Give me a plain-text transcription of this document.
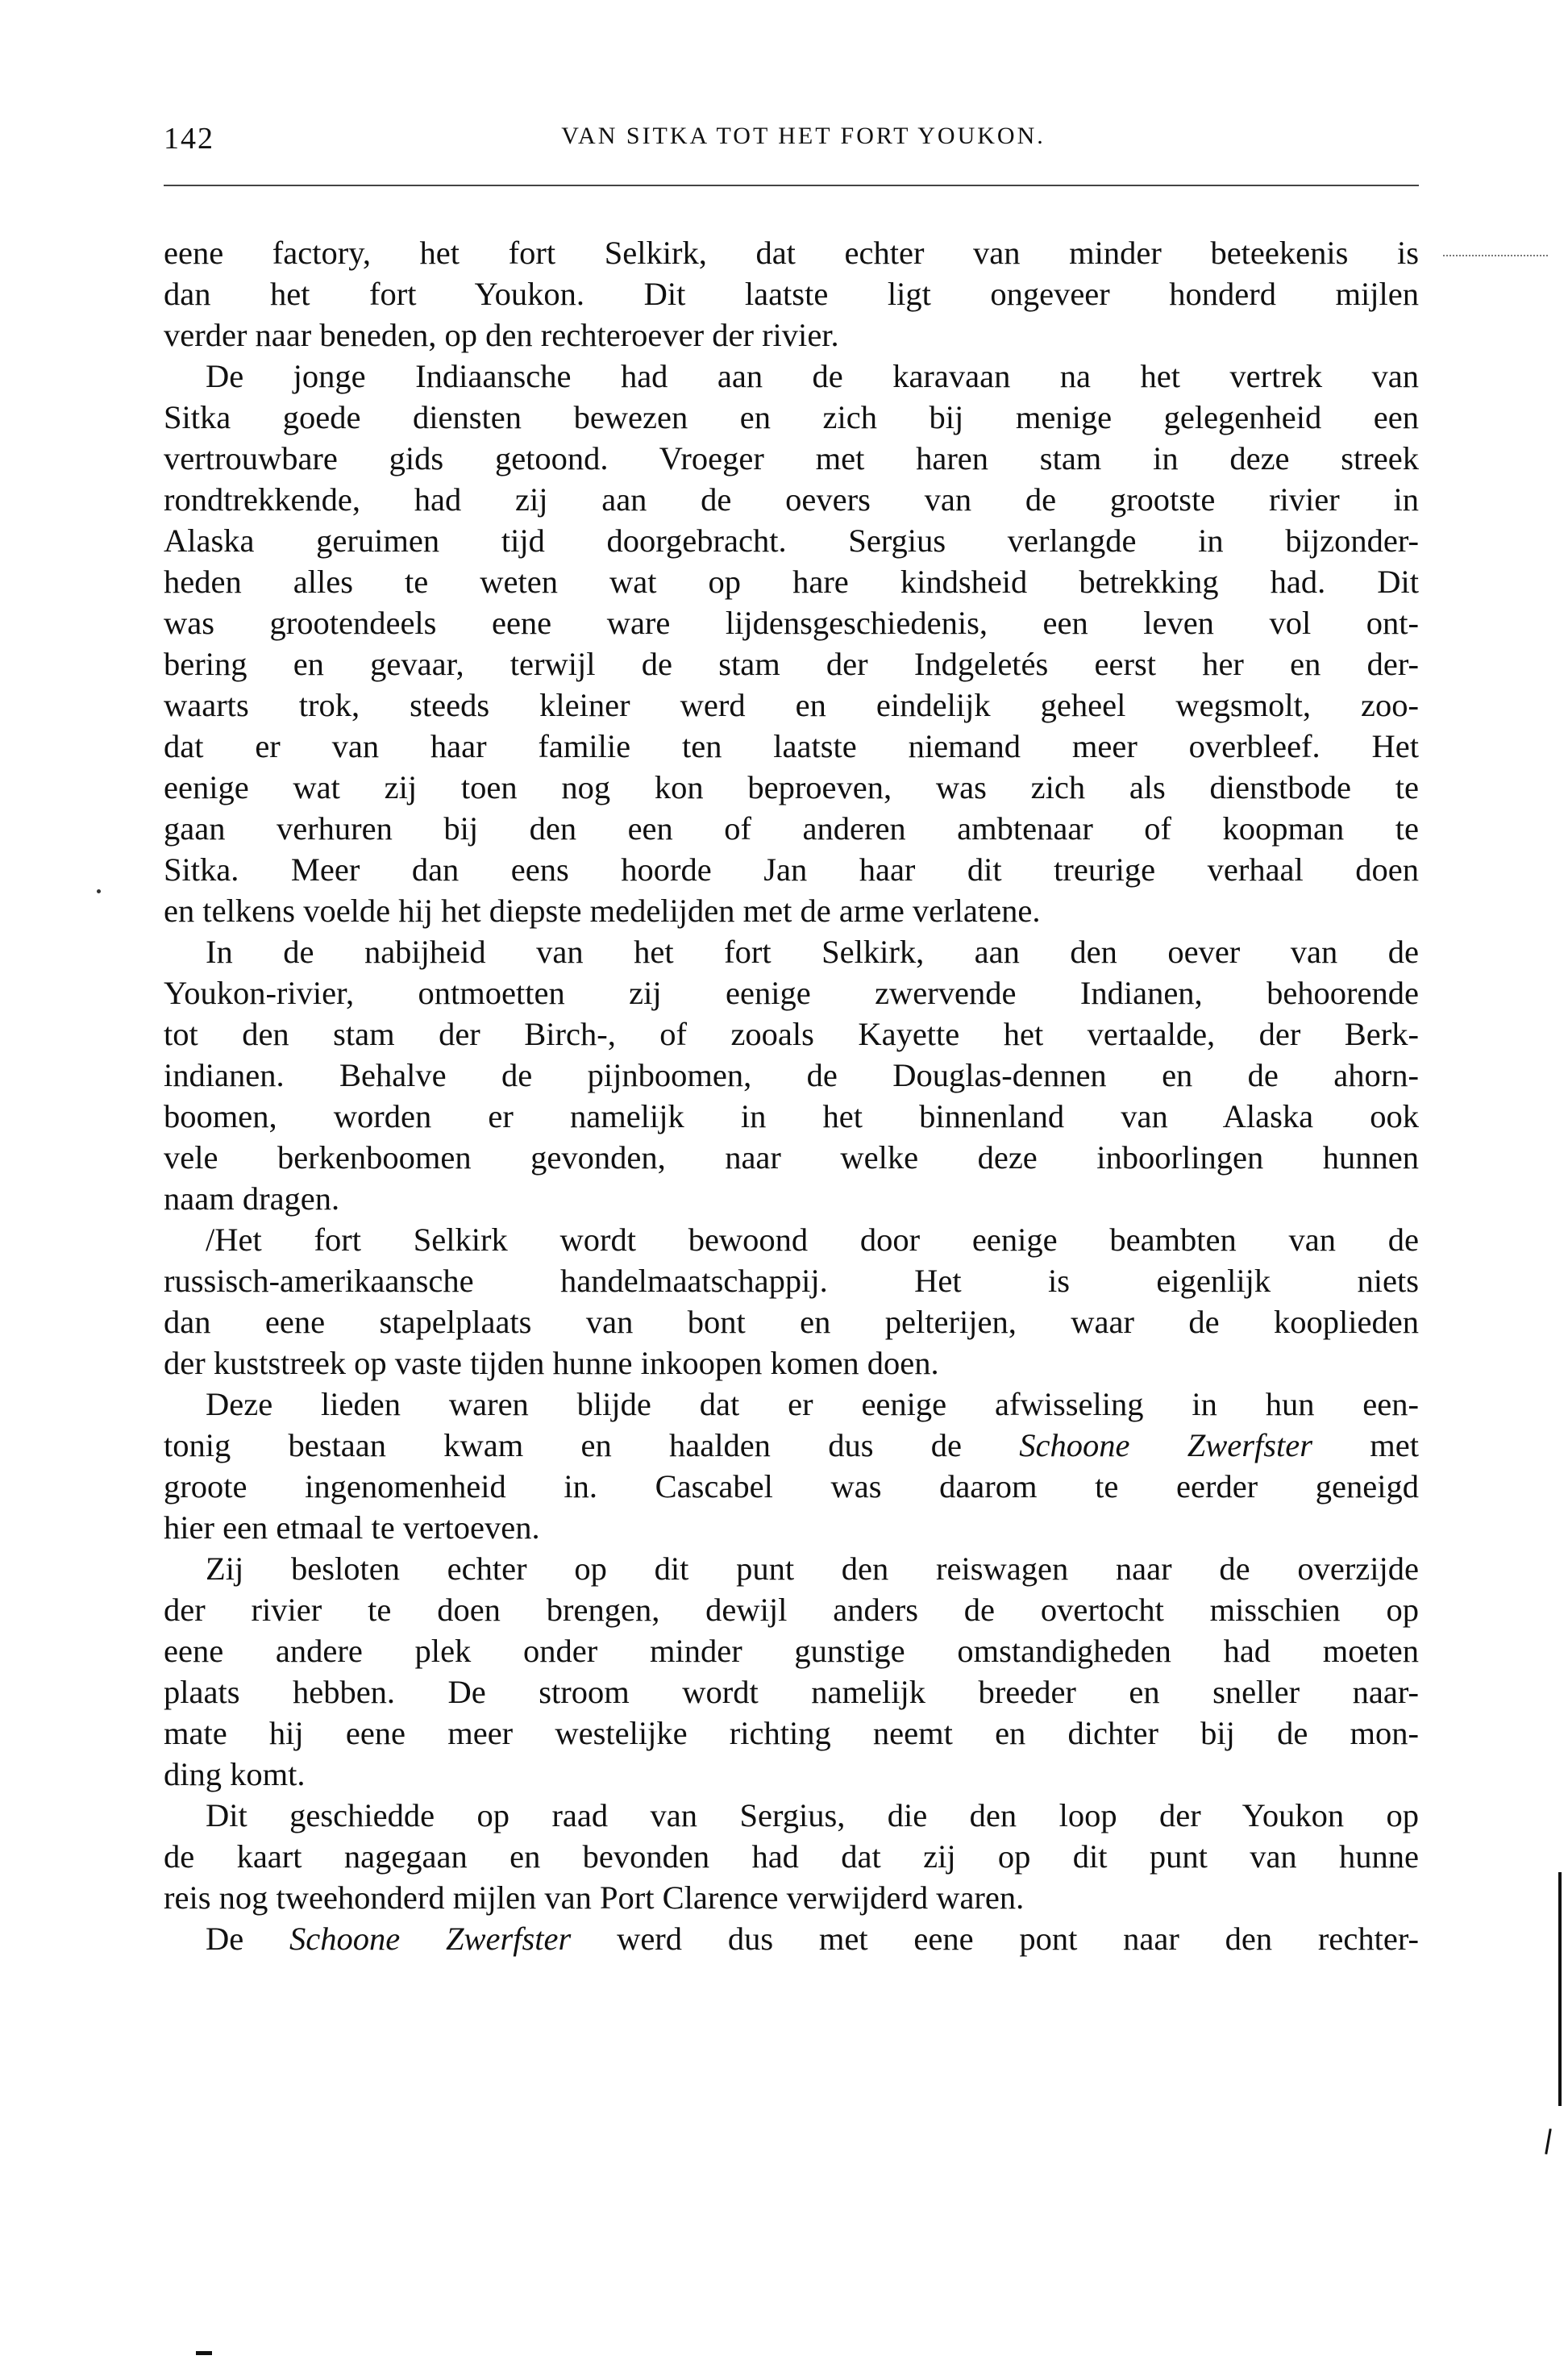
142	VAN SITKA TOT HET FORT YOUKON.
eene factory, het fort Selkirk, dat echter van minder beteekenis is
dan het fort Youkon. Dit laatste ligt ongeveer honderd mijlen
verder naar beneden, op den rechteroever der rivier.
De jonge Indiaansche had aan de karavaan na het vertrek van
Sitka goede diensten bewezen en zich bij menige gelegenheid een
vertrouwbare gids getoond. Vroeger met haren stam in deze streek
rondtrekkende, had zij aan de oevers van de grootste rivier in
Alaska geruimen tijd doorgebracht. Sergius verlangde in bijzonder-
heden alles te weten wat op hare kindsheid betrekking had. Dit
was grootendeels eene ware lijdensgeschiedenis, een leven vol ont-
bering en gevaar, terwijl de stam der Indgeletés eerst her en der-
waarts trok, steeds kleiner werd en eindelijk geheel wegsmolt, zoo-
dat er van haar familie ten laatste niemand meer overbleef. Het
eenige wat zij toen nog kon beproeven, was zich als dienstbode te
gaan verhuren bij den een of anderen ambtenaar of koopman te
Sitka. Meer dan eens hoorde Jan haar dit treurige verhaal doen
en telkens voelde hij het diepste medelijden met de arme verlatene.
In de nabijheid van het fort Selkirk, aan den oever van de
Youkon-rivier, ontmoetten zij eenige zwervende Indianen, behoorende
tot den stam der Birch-, of zooals Kayette het vertaalde, der Berk-
indianen. Behalve de pijnboomen, de Douglas-dennen en de ahorn-
boomen, worden er namelijk in het binnenland van Alaska ook
vele berkenboomen gevonden, naar welke deze inboorlingen hunnen
naam dragen.
/Het fort Selkirk wordt bewoond door eenige beambten van de
russisch-amerikaansche handelmaatschappij. Het is eigenlijk niets
dan eene stapelplaats van bont en pelterijen, waar de kooplieden
der kuststreek op vaste tijden hunne inkoopen komen doen.
Deze lieden waren blijde dat er eenige afwisseling in hun een-
tonig bestaan kwam en haalden dus de Schoone Zwerfster met
groote ingenomenheid in. Cascabel was daarom te eerder geneigd
hier een etmaal te vertoeven.
Zij besloten echter op dit punt den reiswagen naar de overzijde
der rivier te doen brengen, dewijl anders de overtocht misschien op
eene andere plek onder minder gunstige omstandigheden had moeten
plaats hebben. De stroom wordt namelijk breeder en sneller naar-
mate hij eene meer westelijke richting neemt en dichter bij de mon-
ding komt.
Dit geschiedde op raad van Sergius, die den loop der Youkon op
de kaart nagegaan en bevonden had dat zij op dit punt van hunne
reis nog tweehonderd mijlen van Port Clarence verwijderd waren.
De Schoone Zwerfster werd dus met eene pont naar den rechter-
